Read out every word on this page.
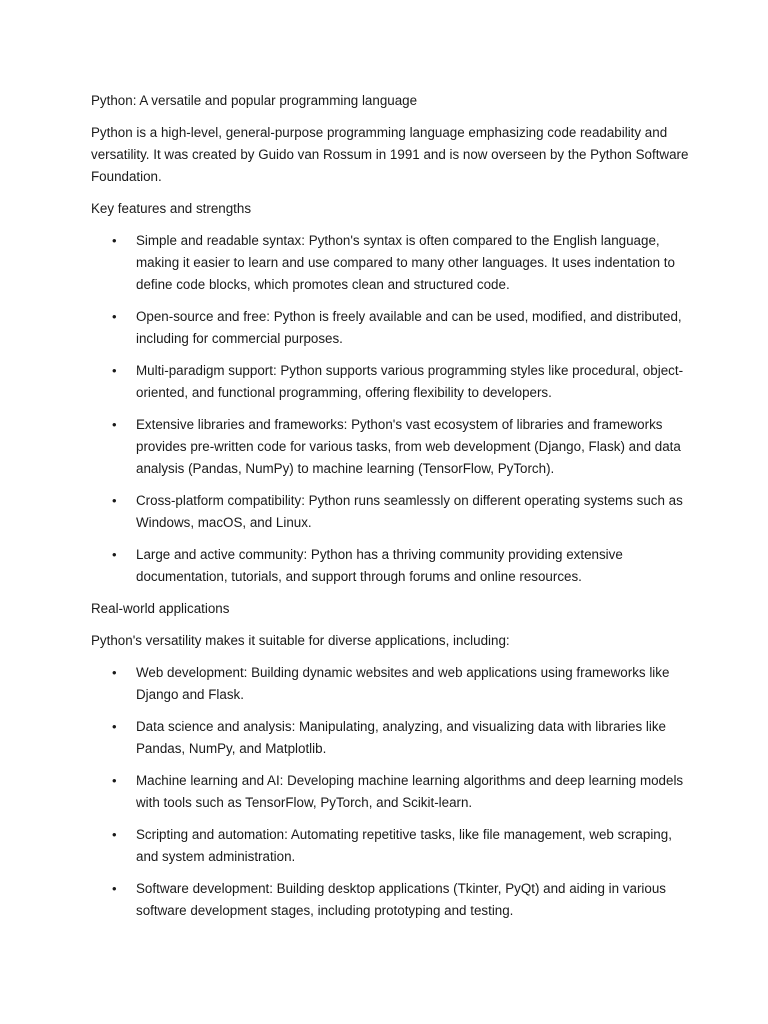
Python: A versatile and popular programming language

Python is a high-level, general-purpose programming language emphasizing code readability and versatility. It was created by Guido van Rossum in 1991 and is now overseen by the Python Software Foundation.

Key features and strengths

• Simple and readable syntax: Python's syntax is often compared to the English language, making it easier to learn and use compared to many other languages. It uses indentation to define code blocks, which promotes clean and structured code.
• Open-source and free: Python is freely available and can be used, modified, and distributed, including for commercial purposes.
• Multi-paradigm support: Python supports various programming styles like procedural, object-oriented, and functional programming, offering flexibility to developers.
• Extensive libraries and frameworks: Python's vast ecosystem of libraries and frameworks provides pre-written code for various tasks, from web development (Django, Flask) and data analysis (Pandas, NumPy) to machine learning (TensorFlow, PyTorch).
• Cross-platform compatibility: Python runs seamlessly on different operating systems such as Windows, macOS, and Linux.
• Large and active community: Python has a thriving community providing extensive documentation, tutorials, and support through forums and online resources.

Real-world applications

Python's versatility makes it suitable for diverse applications, including:

• Web development: Building dynamic websites and web applications using frameworks like Django and Flask.
• Data science and analysis: Manipulating, analyzing, and visualizing data with libraries like Pandas, NumPy, and Matplotlib.
• Machine learning and AI: Developing machine learning algorithms and deep learning models with tools such as TensorFlow, PyTorch, and Scikit-learn.
• Scripting and automation: Automating repetitive tasks, like file management, web scraping, and system administration.
• Software development: Building desktop applications (Tkinter, PyQt) and aiding in various software development stages, including prototyping and testing.
